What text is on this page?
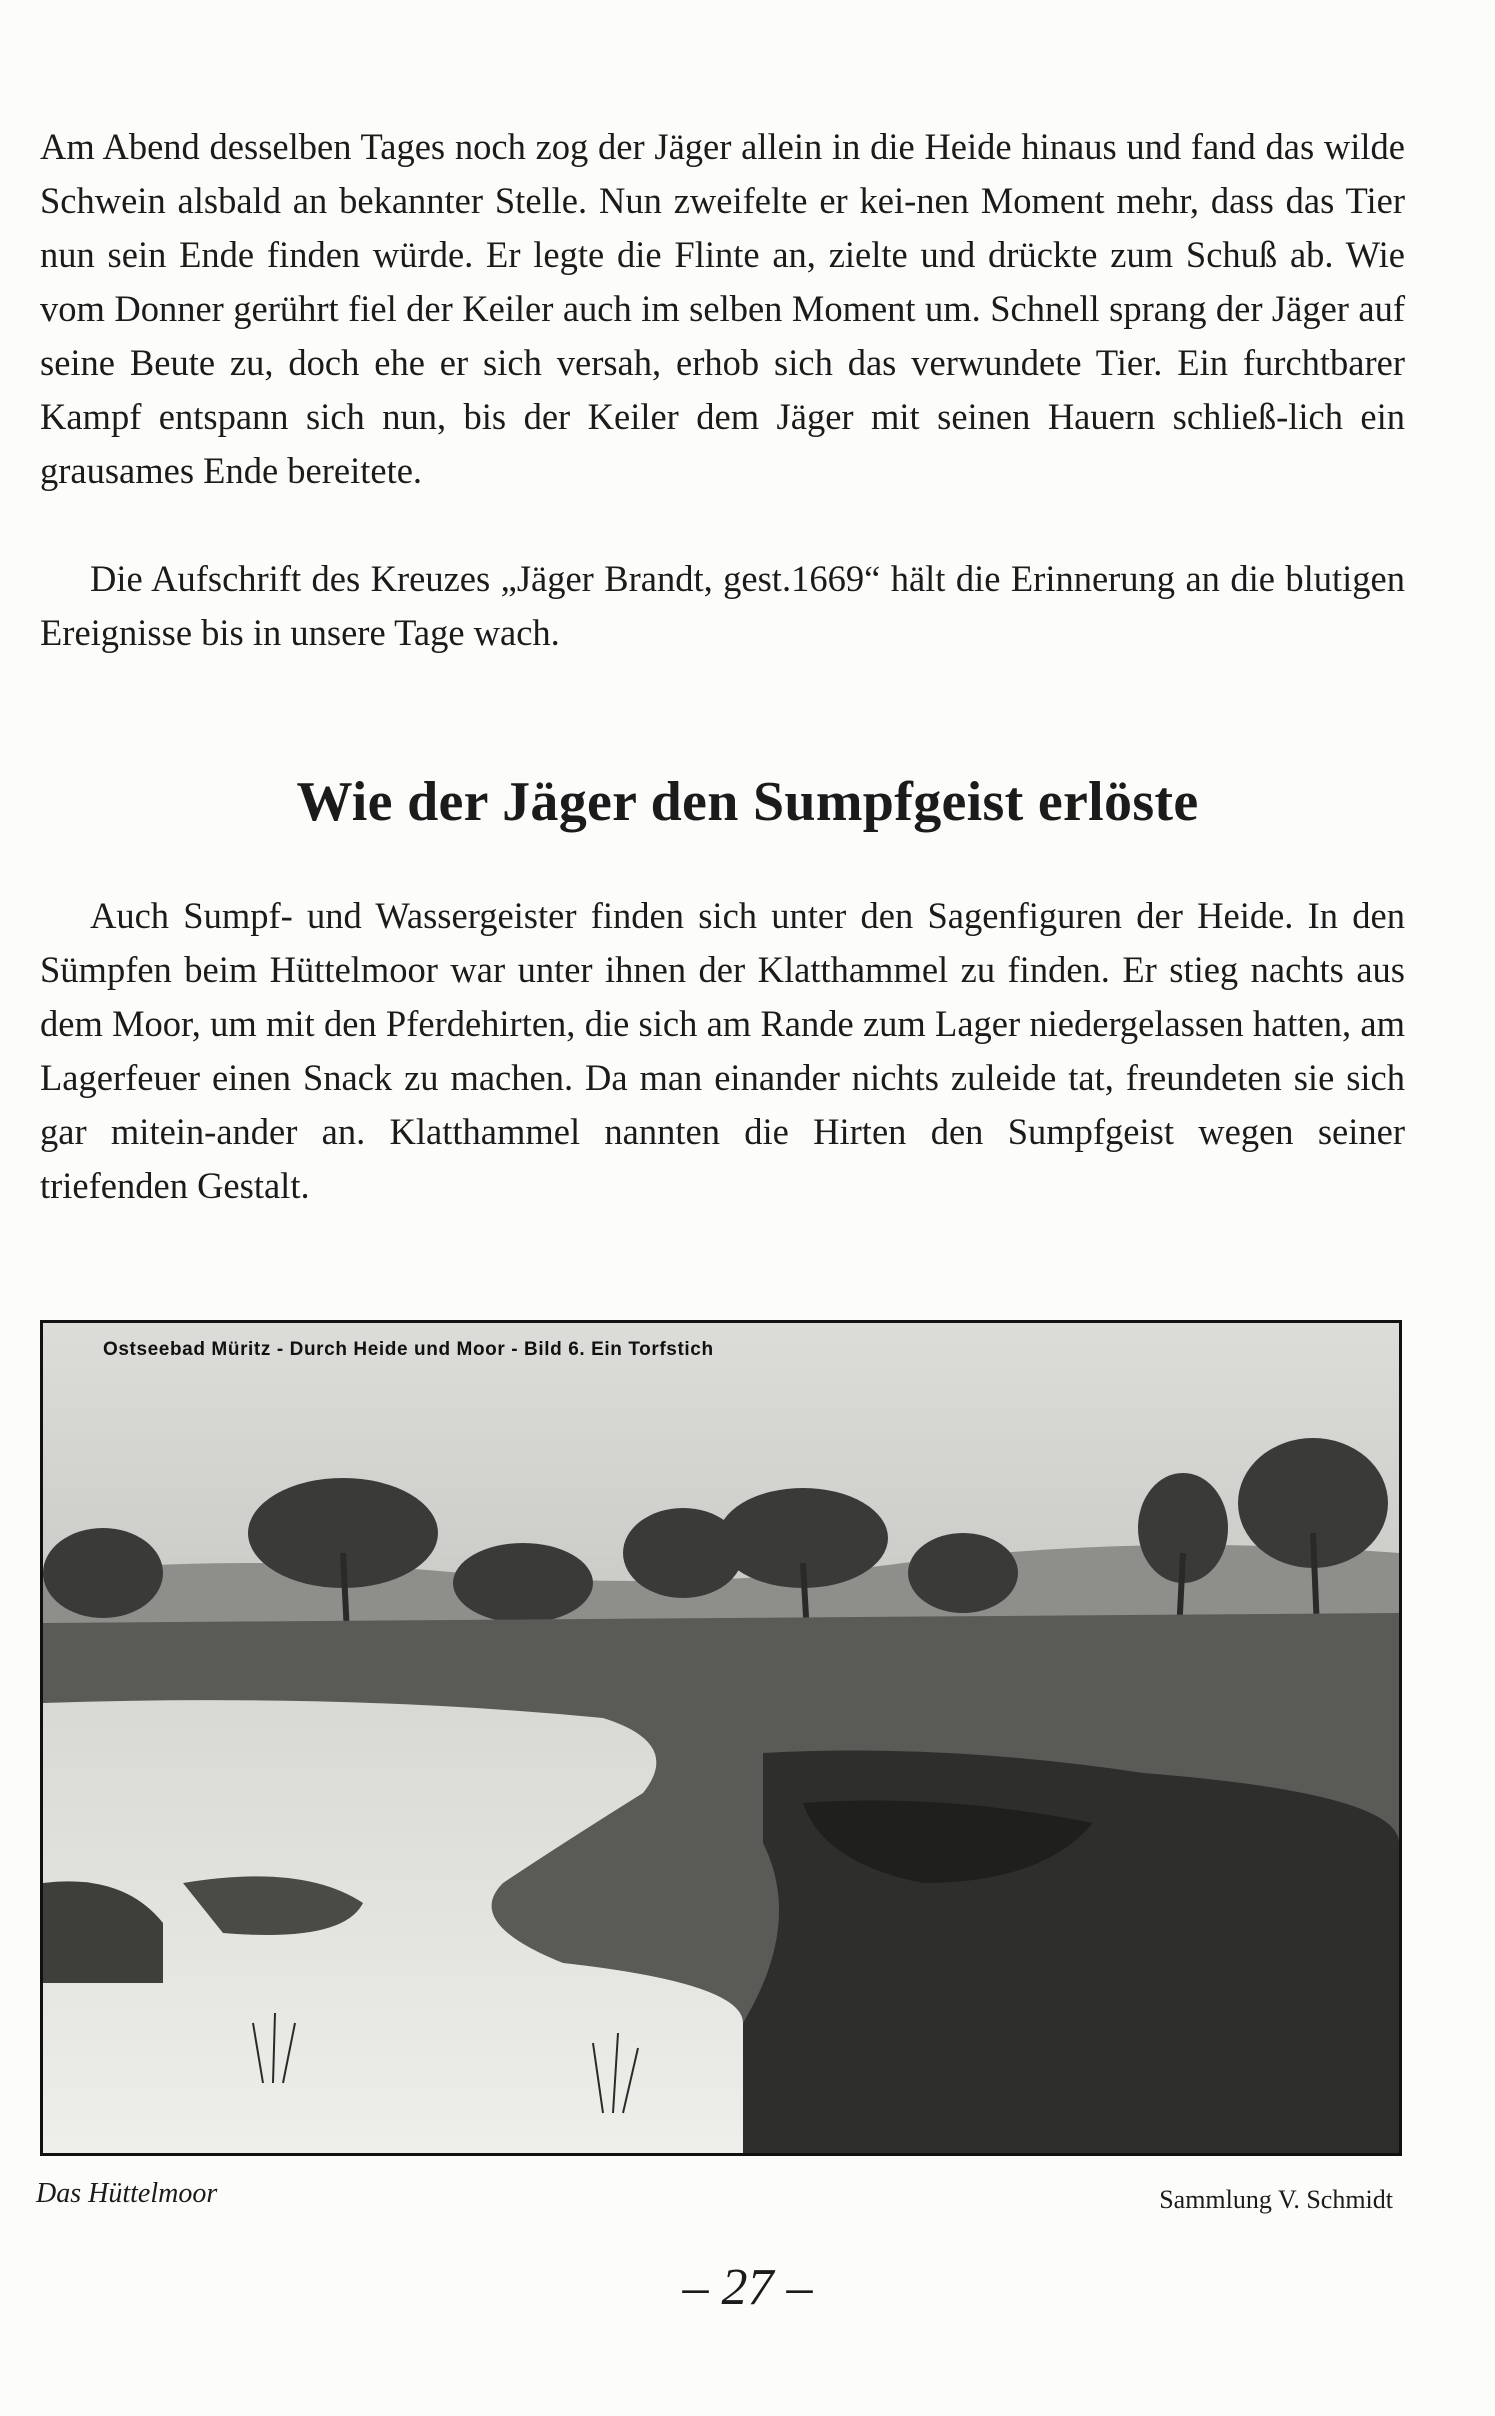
Am Abend desselben Tages noch zog der Jäger allein in die Heide hinaus und fand das wilde Schwein alsbald an bekannter Stelle. Nun zweifelte er kei-nen Moment mehr, dass das Tier nun sein Ende finden würde. Er legte die Flinte an, zielte und drückte zum Schuß ab. Wie vom Donner gerührt fiel der Keiler auch im selben Moment um. Schnell sprang der Jäger auf seine Beute zu, doch ehe er sich versah, erhob sich das verwundete Tier. Ein furchtbarer Kampf entspann sich nun, bis der Keiler dem Jäger mit seinen Hauern schließ-lich ein grausames Ende bereitete.

Die Aufschrift des Kreuzes „Jäger Brandt, gest.1669“ hält die Erinnerung an die blutigen Ereignisse bis in unsere Tage wach.

Wie der Jäger den Sumpfgeist erlöste

Auch Sumpf- und Wassergeister finden sich unter den Sagenfiguren der Heide. In den Sümpfen beim Hüttelmoor war unter ihnen der Klatthammel zu finden. Er stieg nachts aus dem Moor, um mit den Pferdehirten, die sich am Rande zum Lager niedergelassen hatten, am Lagerfeuer einen Snack zu machen. Da man einander nichts zuleide tat, freundeten sie sich gar mitein-ander an. Klatthammel nannten die Hirten den Sumpfgeist wegen seiner triefenden Gestalt.

Ostseebad Müritz - Durch Heide und Moor - Bild 6. Ein Torfstich
Das Hüttelmoor	Sammlung V. Schmidt
– 27 –
